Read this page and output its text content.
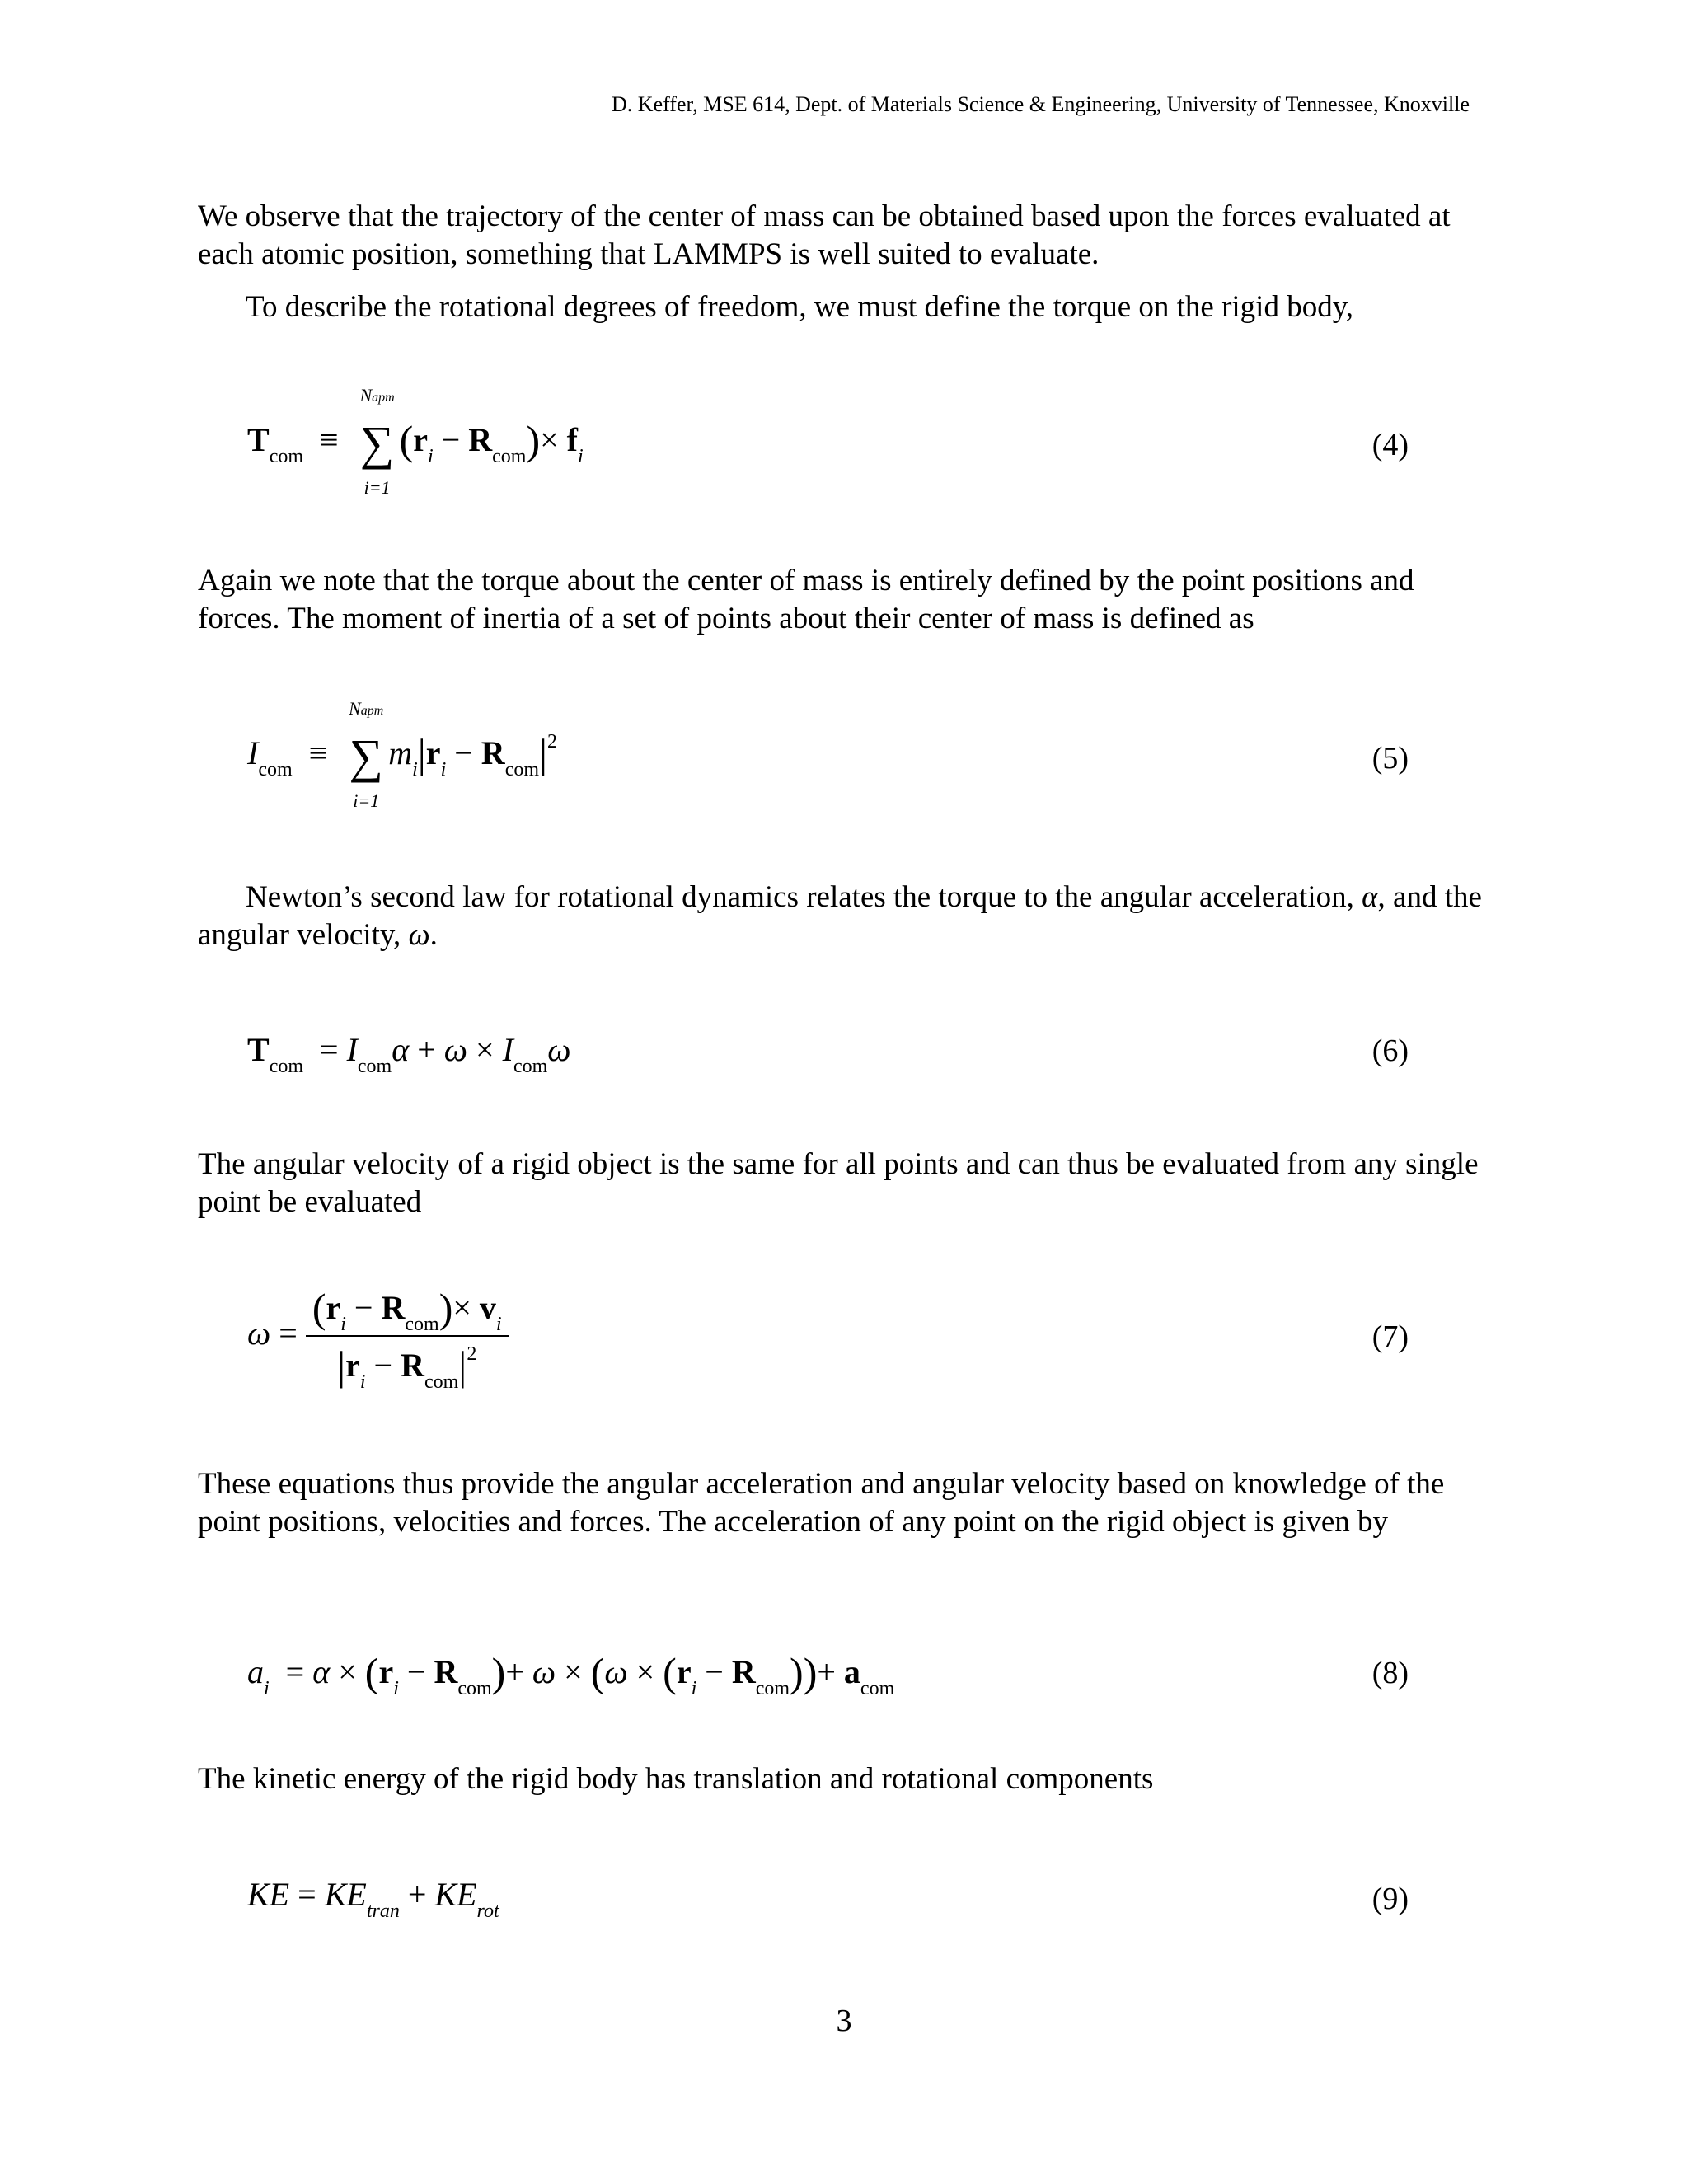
D. Keffer, MSE 614, Dept. of Materials Science & Engineering, University of Tennessee, Knoxville
We observe that the trajectory of the center of mass can be obtained based upon the forces evaluated at each atomic position, something that LAMMPS is well suited to evaluate.
To describe the rotational degrees of freedom, we must define the torque on the rigid body,
$T_{com}$  ≡
Napm
∑
i=1
$(r_i - R_{com})\times f_i$	(4)
Again we note that the torque about the center of mass is entirely defined by the point positions and forces. The moment of inertia of a set of points about their center of mass is defined as
$I_{com}$  ≡
Napm
∑
i=1
$m_i|r_i - R_{com}|^2$	(5)
Newton’s second law for rotational dynamics relates the torque to the angular acceleration, α, and the angular velocity, ω.
$T_{com} = I_{com}\alpha + \omega \times I_{com}\omega$	(6)
The angular velocity of a rigid object is the same for all points and can thus be evaluated from any single point be evaluated
$\omega = \frac{(r_i - R_{com})\times v_i}{|r_i - R_{com}|^2}$	(7)
These equations thus provide the angular acceleration and angular velocity based on knowledge of the point positions, velocities and forces. The acceleration of any point on the rigid object is given by
$a_i = \alpha \times (r_i - R_{com})+ \omega \times (\omega \times (r_i - R_{com}))+ a_{com}$	(8)
The kinetic energy of the rigid body has translation and rotational components
KE = $KE_{tran} + KE_{rot}$	(9)
3
